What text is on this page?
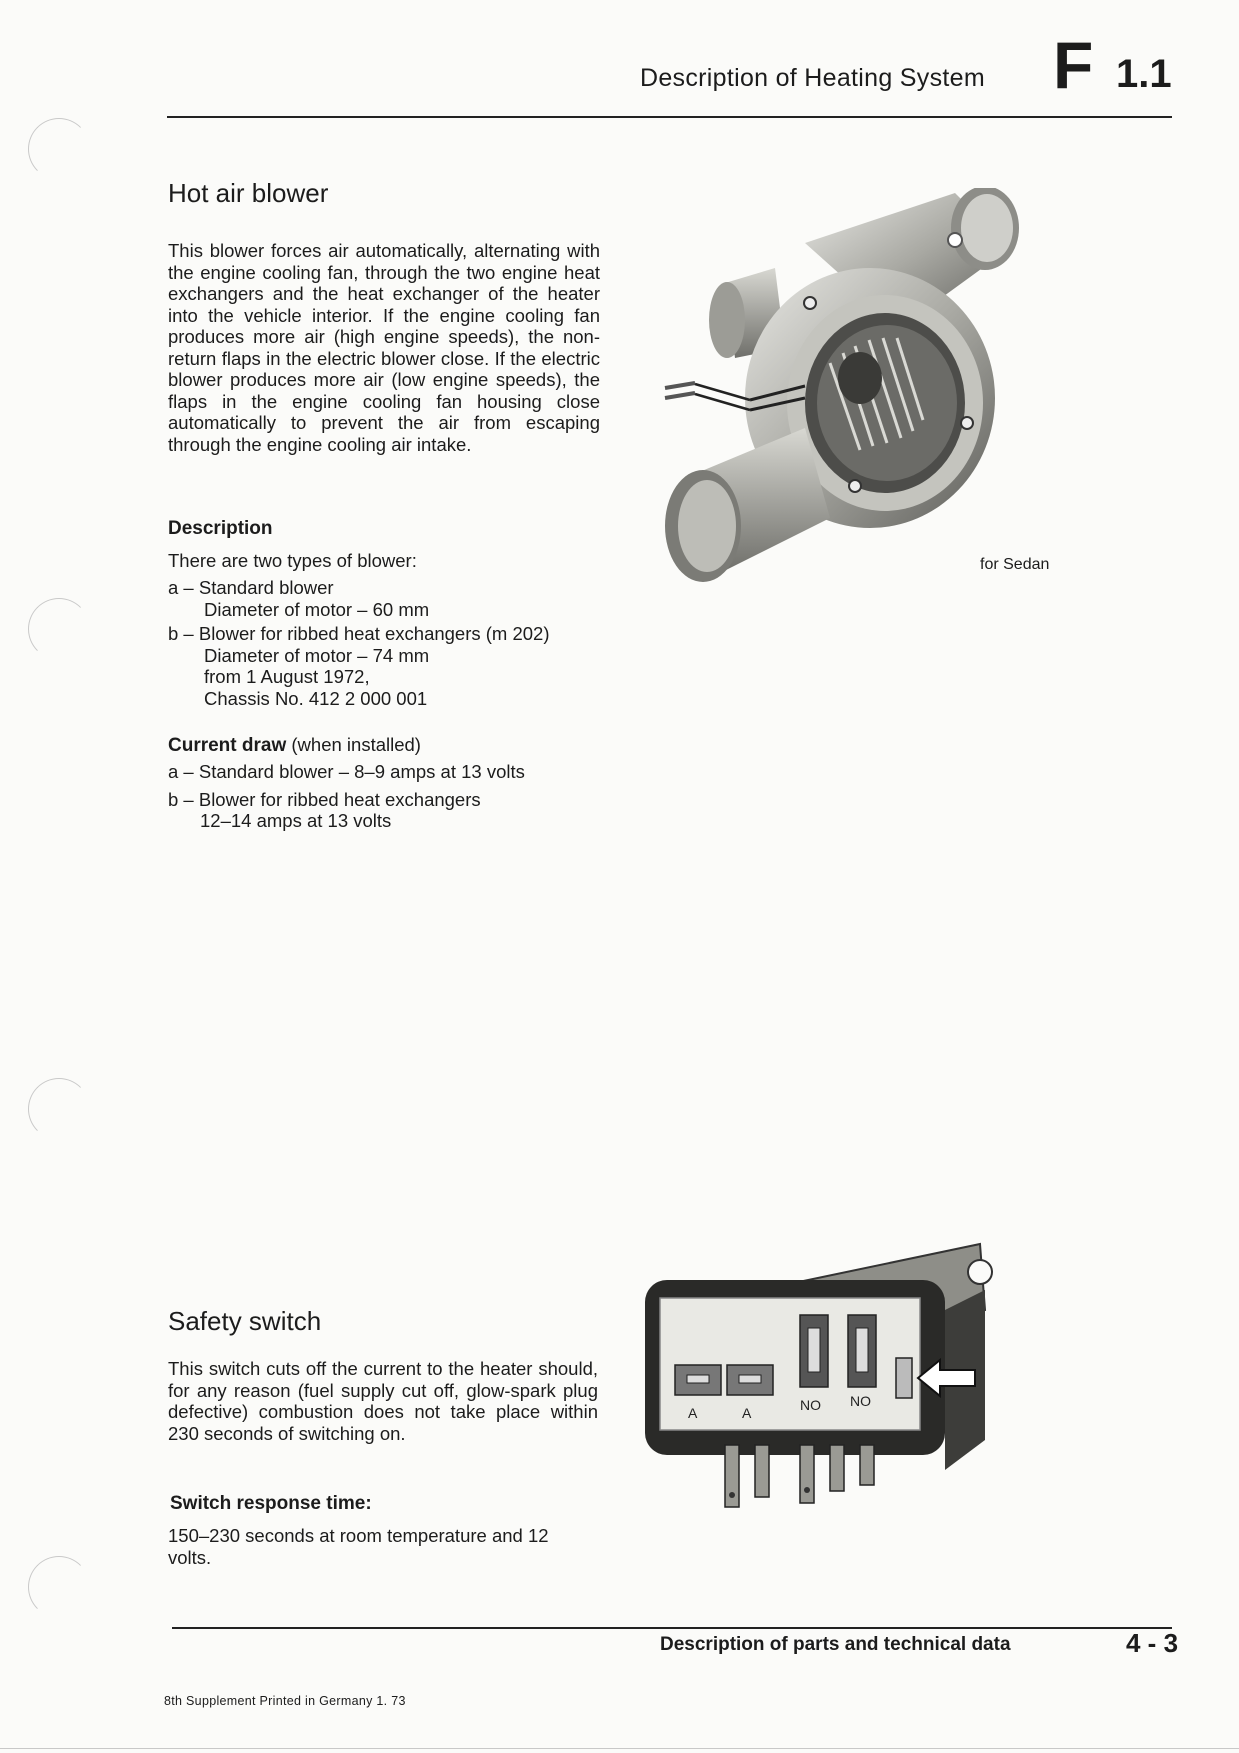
Description of Heating System F 1.1
Hot air blower
This blower forces air automatically, alternating with the engine cooling fan, through the two engine heat exchangers and the heat exchanger of the heater into the vehicle interior. If the engine cooling fan produces more air (high engine speeds), the non-return flaps in the electric blower close. If the electric blower produces more air (low engine speeds), the flaps in the engine cooling fan housing close automatically to prevent the air from escaping through the engine cooling air intake.
Description
There are two types of blower:
a – Standard blower
Diameter of motor – 60 mm
b – Blower for ribbed heat exchangers (m 202)
Diameter of motor – 74 mm
from 1 August 1972,
Chassis No. 412 2 000 001
Current draw (when installed)
a – Standard blower – 8–9 amps at 13 volts
b – Blower for ribbed heat exchangers
12–14 amps at 13 volts
for Sedan
Safety switch
This switch cuts off the current to the heater should, for any reason (fuel supply cut off, glow-spark plug defective) combustion does not take place within 230 seconds of switching on.
Switch response time:
150–230 seconds at room temperature and 12 volts.
A	A	NO NO
Description of parts and technical data	4 - 3
8th Supplement Printed in Germany 1. 73
